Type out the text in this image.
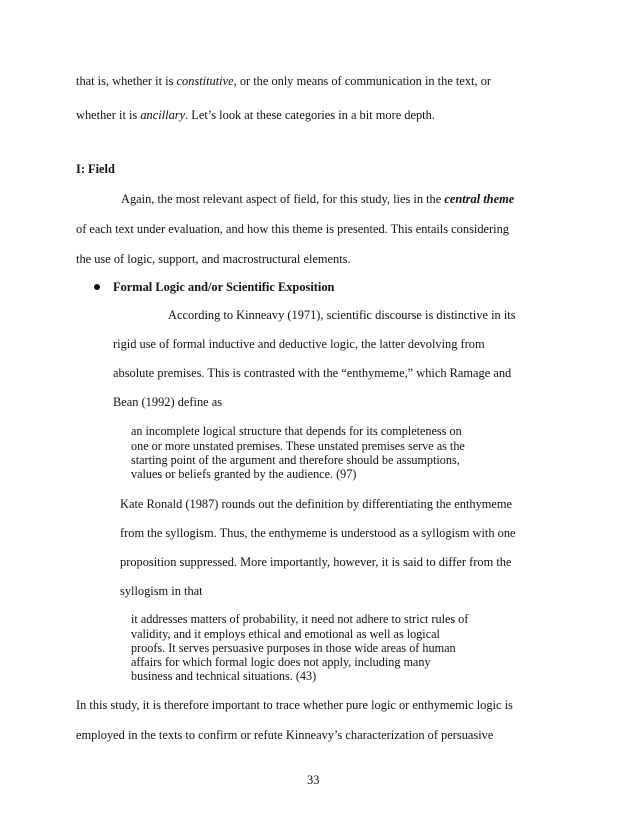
that is, whether it is constitutive, or the only means of communication in the text, or
whether it is ancillary. Let’s look at these categories in a bit more depth.
I: Field
Again, the most relevant aspect of field, for this study, lies in the central theme
of each text under evaluation, and how this theme is presented. This entails considering
the use of logic, support, and macrostructural elements.
Formal Logic and/or Scientific Exposition
According to Kinneavy (1971), scientific discourse is distinctive in its
rigid use of formal inductive and deductive logic, the latter devolving from
absolute premises. This is contrasted with the “enthymeme,” which Ramage and
Bean (1992) define as
an incomplete logical structure that depends for its completeness on
one or more unstated premises. These unstated premises serve as the
starting point of the argument and therefore should be assumptions,
values or beliefs granted by the audience. (97)
Kate Ronald (1987) rounds out the definition by differentiating the enthymeme
from the syllogism. Thus, the enthymeme is understood as a syllogism with one
proposition suppressed. More importantly, however, it is said to differ from the
syllogism in that
it addresses matters of probability, it need not adhere to strict rules of
validity, and it employs ethical and emotional as well as logical
proofs. It serves persuasive purposes in those wide areas of human
affairs for which formal logic does not apply, including many
business and technical situations. (43)
In this study, it is therefore important to trace whether pure logic or enthymemic logic is
employed in the texts to confirm or refute Kinneavy’s characterization of persuasive
33
